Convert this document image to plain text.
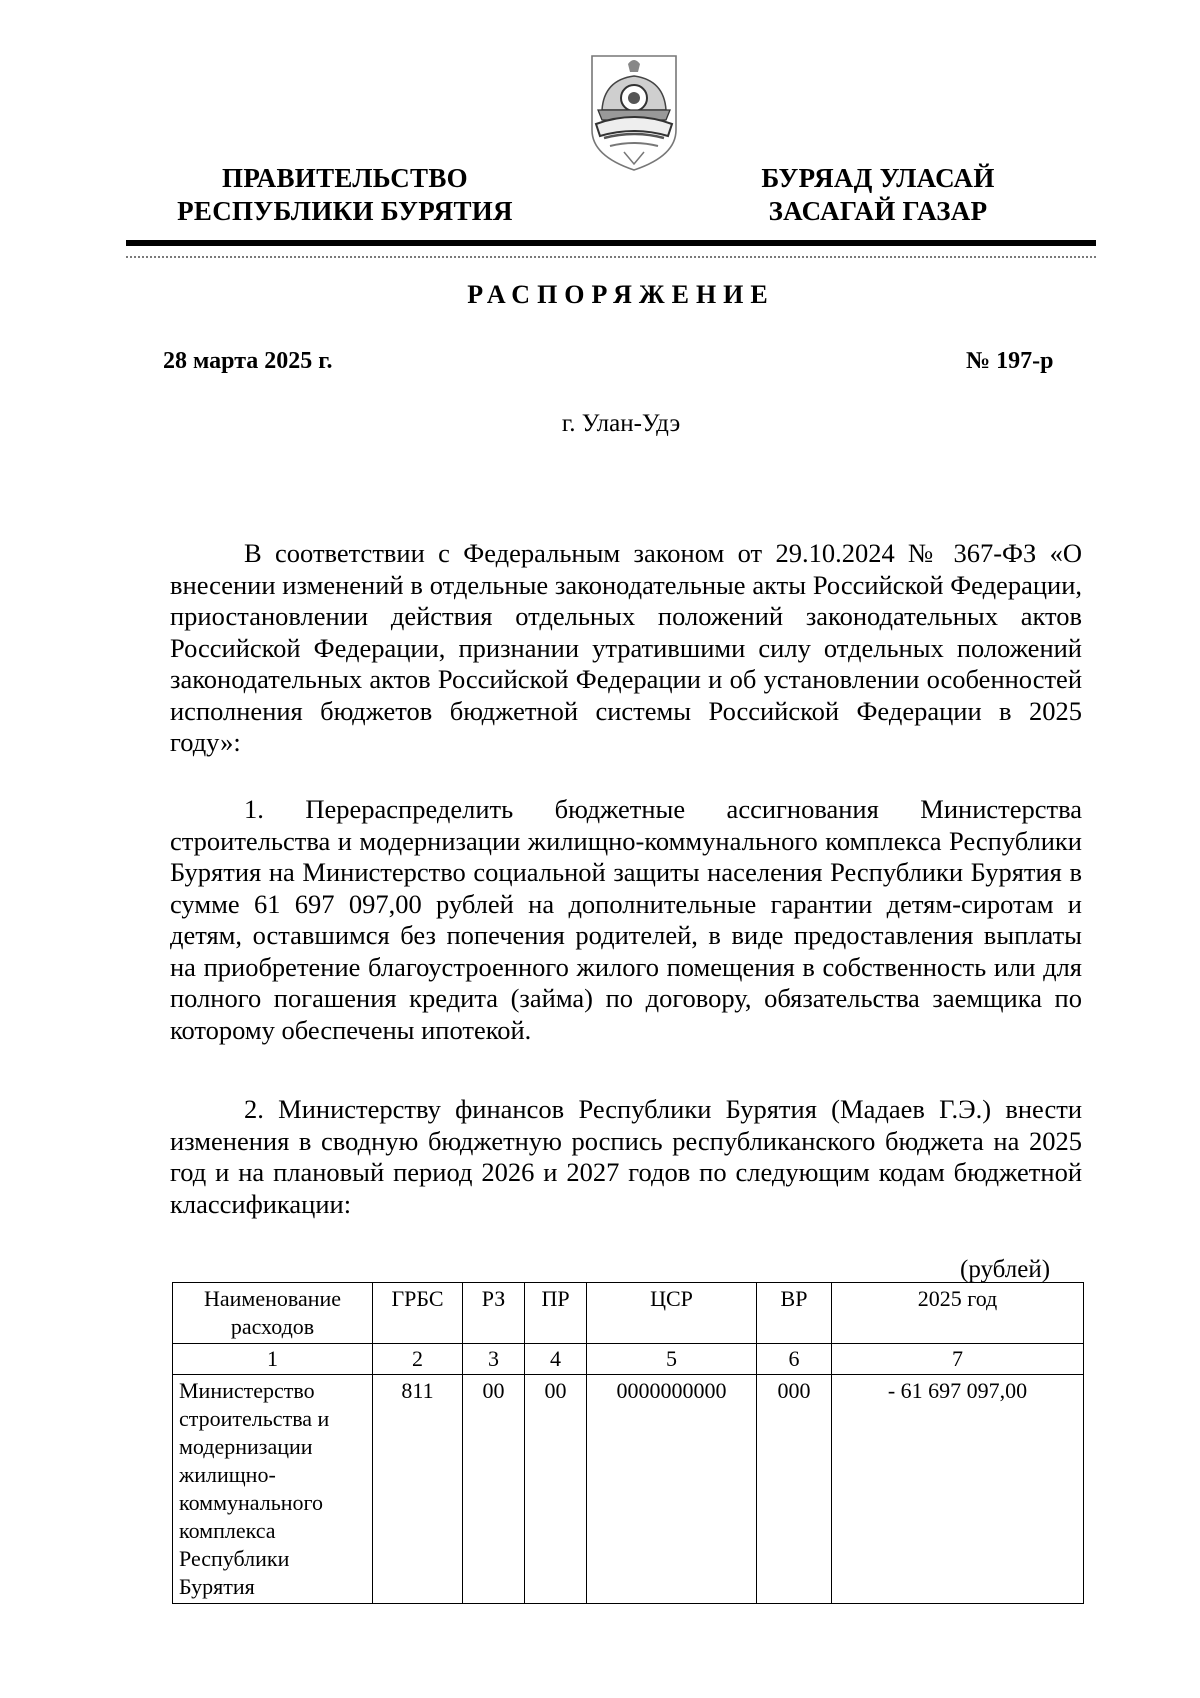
ПРАВИТЕЛЬСТВО
РЕСПУБЛИКИ БУРЯТИЯ
БУРЯАД УЛАСАЙ
ЗАСАГАЙ ГАЗАР
РАСПОРЯЖЕНИЕ
28 марта 2025 г.	№ 197-р
г. Улан-Удэ

В соответствии с Федеральным законом от 29.10.2024 № 367-ФЗ «О внесении изменений в отдельные законодательные акты Российской Федерации, приостановлении действия отдельных положений законодательных актов Российской Федерации, признании утратившими силу отдельных положений законодательных актов Российской Федерации и об установлении особенностей исполнения бюджетов бюджетной системы Российской Федерации в 2025 году»:

1. Перераспределить бюджетные ассигнования Министерства строительства и модернизации жилищно-коммунального комплекса Республики Бурятия на Министерство социальной защиты населения Республики Бурятия в сумме 61 697 097,00 рублей на дополнительные гарантии детям-сиротам и детям, оставшимся без попечения родителей, в виде предоставления выплаты на приобретение благоустроенного жилого помещения в собственность или для полного погашения кредита (займа) по договору, обязательства заемщика по которому обеспечены ипотекой.

2. Министерству финансов Республики Бурятия (Мадаев Г.Э.) внести изменения в сводную бюджетную роспись республиканского бюджета на 2025 год и на плановый период 2026 и 2027 годов по следующим кодам бюджетной классификации:

(рублей)
Наименование расходов	ГРБС	РЗ	ПР	ЦСР	ВР	2025 год
1	2	3	4	5	6	7
Министерство строительства и модернизации жилищно-коммунального комплекса Республики Бурятия	811	00	00	0000000000	000	- 61 697 097,00
